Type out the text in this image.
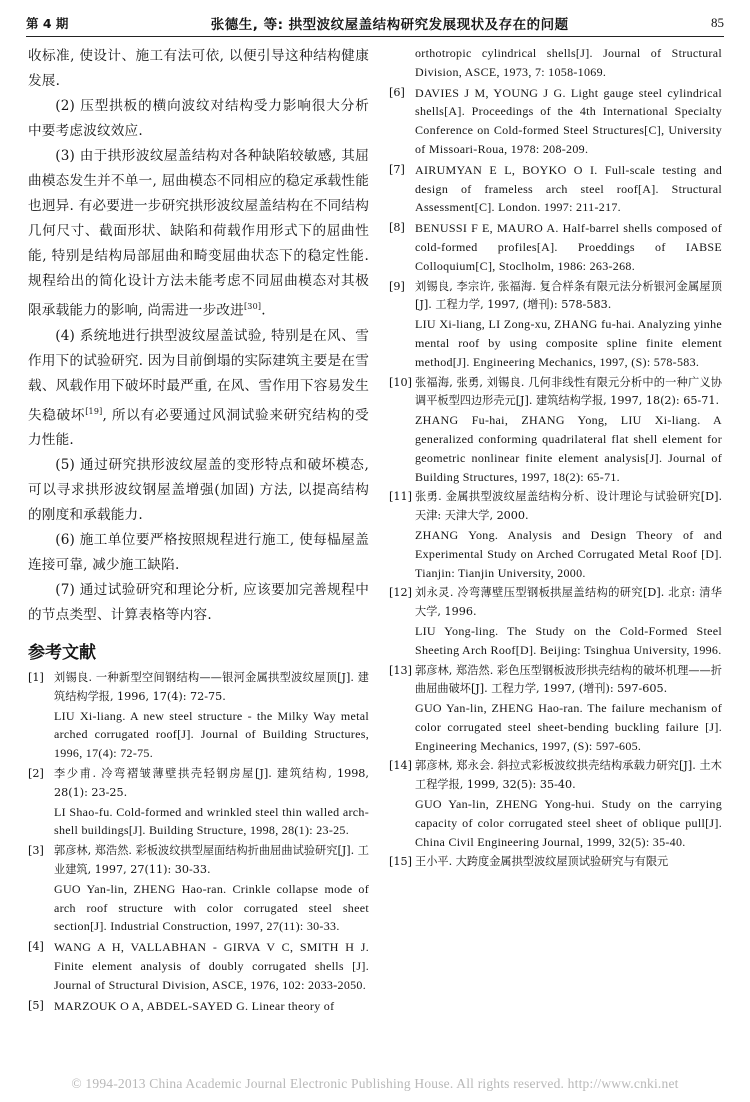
第 4 期	张德生, 等: 拱型波纹屋盖结构研究发展现状及存在的问题	85

收标准, 使设计、施工有法可依, 以便引导这种结构健康发展.

(2) 压型拱板的横向波纹对结构受力影响很大分析中要考虑波纹效应.

(3) 由于拱形波纹屋盖结构对各种缺陷较敏感, 其屈曲模态发生并不单一, 屈曲模态不同相应的稳定承载性能也迥异. 有必要进一步研究拱形波纹屋盖结构在不同结构几何尺寸、截面形状、缺陷和荷载作用形式下的屈曲性能, 特别是结构局部屈曲和畸变屈曲状态下的稳定性能. 规程给出的简化设计方法未能考虑不同屈曲模态对其极限承载能力的影响, 尚需进一步改进[30].

(4) 系统地进行拱型波纹屋盖试验, 特别是在风、雪作用下的试验研究. 因为目前倒塌的实际建筑主要是在雪载、风载作用下破坏时最严重, 在风、雪作用下容易发生失稳破坏[19], 所以有必要通过风洞试验来研究结构的受力性能.

(5) 通过研究拱形波纹屋盖的变形特点和破坏模态, 可以寻求拱形波纹钢屋盖增强(加固) 方法, 以提高结构的刚度和承载能力.

(6) 施工单位要严格按照规程进行施工, 使每榀屋盖连接可靠, 减少施工缺陷.

(7) 通过试验研究和理论分析, 应该要加完善规程中的节点类型、计算表格等内容.

参考文献
[1] 刘锡良. 一种新型空间钢结构——银河金属拱型波纹屋顶[J]. 建筑结构学报, 1996, 17(4): 72-75.
LIU Xi-liang. A new steel structure - the Milky Way metal arched corrugated roof[J]. Journal of Building Structures, 1996, 17(4): 72-75.
[2] 李少甫. 冷弯褶皱薄壁拱壳轻钢房屋[J]. 建筑结构, 1998, 28(1): 23-25.
LI Shao-fu. Cold-formed and wrinkled steel thin walled arch-shell buildings[J]. Building Structure, 1998, 28(1): 23-25.
[3] 郭彦林, 郑浩然. 彩板波纹拱型屋面结构折曲屈曲试验研究[J]. 工业建筑, 1997, 27(11): 30-33.
GUO Yan-lin, ZHENG Hao-ran. Crinkle collapse mode of arch roof structure with color corrugated steel sheet section[J]. Industrial Construction, 1997, 27(11): 30-33.
[4] WANG A H, VALLABHAN - GIRVA V C, SMITH H J. Finite element analysis of doubly corrugated shells [J]. Journal of Structural Division, ASCE, 1976, 102: 2033-2050.
[5] MARZOUK O A, ABDEL-SAYED G. Linear theory of
orthotropic cylindrical shells[J]. Journal of Structural Division, ASCE, 1973, 7: 1058-1069.
[6] DAVIES J M, YOUNG J G. Light gauge steel cylindrical shells[A]. Proceedings of the 4th International Specialty Conference on Cold-formed Steel Structures[C], University of Missoari-Roua, 1978: 208-209.
[7] AIRUMYAN E L, BOYKO O I. Full-scale testing and design of frameless arch steel roof[A]. Structural Assessment[C]. London. 1997: 211-217.
[8] BENUSSI F E, MAURO A. Half-barrel shells composed of cold-formed profiles[A]. Proeddings of IABSE Colloquium[C], Stoclholm, 1986: 263-268.
[9] 刘锡良, 李宗许, 张福海. 复合样条有限元法分析银河金属屋顶[J]. 工程力学, 1997, (增刊): 578-583.
LIU Xi-liang, LI Zong-xu, ZHANG fu-hai. Analyzing yinhe mental roof by using composite spline finite element method[J]. Engineering Mechanics, 1997, (S): 578-583.
[10] 张福海, 张勇, 刘锡良. 几何非线性有限元分析中的一种广义协调平板型四边形壳元[J]. 建筑结构学报, 1997, 18(2): 65-71.
ZHANG Fu-hai, ZHANG Yong, LIU Xi-liang. A generalized conforming quadrilateral flat shell element for geometric nonlinear finite element analysis[J]. Journal of Building Structures, 1997, 18(2): 65-71.
[11] 张勇. 金属拱型波纹屋盖结构分析、设计理论与试验研究[D]. 天津: 天津大学, 2000.
ZHANG Yong. Analysis and Design Theory of and Experimental Study on Arched Corrugated Metal Roof [D]. Tianjin: Tianjin University, 2000.
[12] 刘永灵. 冷弯薄壁压型钢板拱屋盖结构的研究[D]. 北京: 清华大学, 1996.
LIU Yong-ling. The Study on the Cold-Formed Steel Sheeting Arch Roof[D]. Beijing: Tsinghua University, 1996.
[13] 郭彦林, 郑浩然. 彩色压型钢板波形拱壳结构的破坏机理——折曲屈曲破坏[J]. 工程力学, 1997, (增刊): 597-605.
GUO Yan-lin, ZHENG Hao-ran. The failure mechanism of color corrugated steel sheet-bending buckling failure [J]. Engineering Mechanics, 1997, (S): 597-605.
[14] 郭彦林, 郑永会. 斜拉式彩板波纹拱壳结构承载力研究[J]. 土木工程学报, 1999, 32(5): 35-40.
GUO Yan-lin, ZHENG Yong-hui. Study on the carrying capacity of color corrugated steel sheet of oblique pull[J]. China Civil Engineering Journal, 1999, 32(5): 35-40.
[15] 王小平. 大跨度金属拱型波纹屋顶试验研究与有限元
© 1994-2013 China Academic Journal Electronic Publishing House. All rights reserved. http://www.cnki.net
